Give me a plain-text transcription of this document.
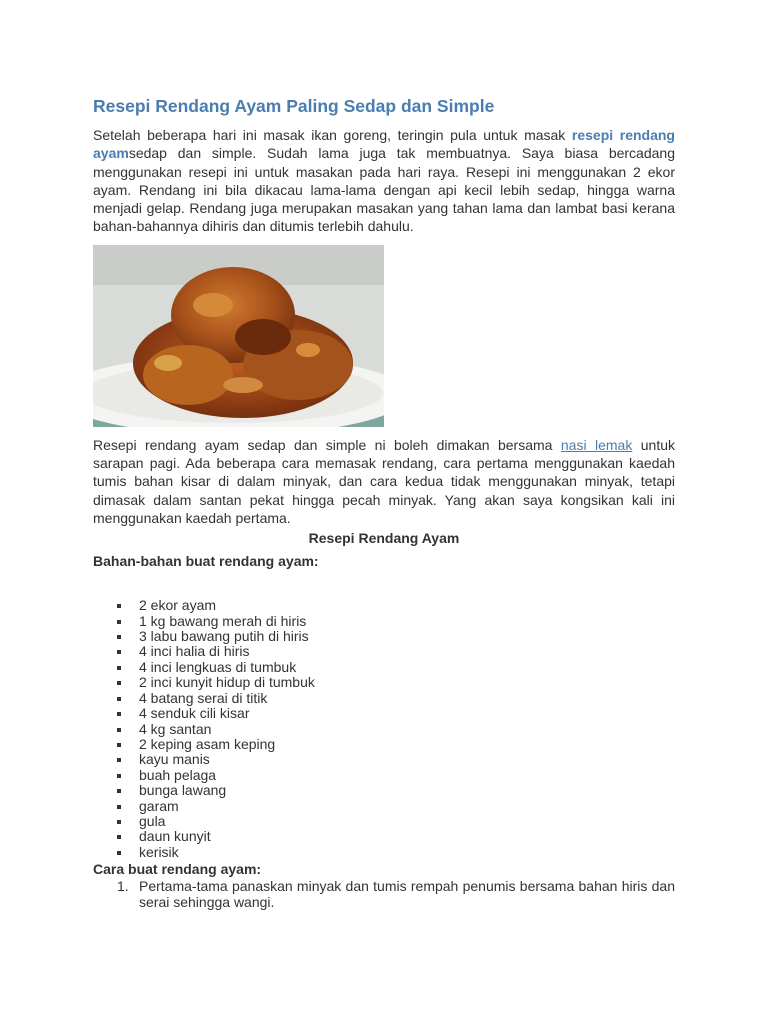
Resepi Rendang Ayam Paling Sedap dan Simple

Setelah beberapa hari ini masak ikan goreng, teringin pula untuk masak resepi rendang ayamsedap dan simple. Sudah lama juga tak membuatnya. Saya biasa bercadang menggunakan resepi ini untuk masakan pada hari raya. Resepi ini menggunakan 2 ekor ayam. Rendang ini bila dikacau lama-lama dengan api kecil lebih sedap, hingga warna menjadi gelap. Rendang juga merupakan masakan yang tahan lama dan lambat basi kerana bahan-bahannya dihiris dan ditumis terlebih dahulu.

Resepi rendang ayam sedap dan simple ni boleh dimakan bersama nasi lemak untuk sarapan pagi. Ada beberapa cara memasak rendang, cara pertama menggunakan kaedah tumis bahan kisar di dalam minyak, dan cara kedua tidak menggunakan minyak, tetapi dimasak dalam santan pekat hingga pecah minyak. Yang akan saya kongsikan kali ini menggunakan kaedah pertama.

Resepi Rendang Ayam
Bahan-bahan buat rendang ayam:
2 ekor ayam
1 kg bawang merah di hiris
3 labu bawang putih di hiris
4 inci halia di hiris
4 inci lengkuas di tumbuk
2 inci kunyit hidup di tumbuk
4 batang serai di titik
4 senduk cili kisar
4 kg santan
2 keping asam keping
kayu manis
buah pelaga
bunga lawang
garam
gula
daun kunyit
kerisik
Cara buat rendang ayam:
1. Pertama-tama panaskan minyak dan tumis rempah penumis bersama bahan hiris dan serai sehingga wangi.
